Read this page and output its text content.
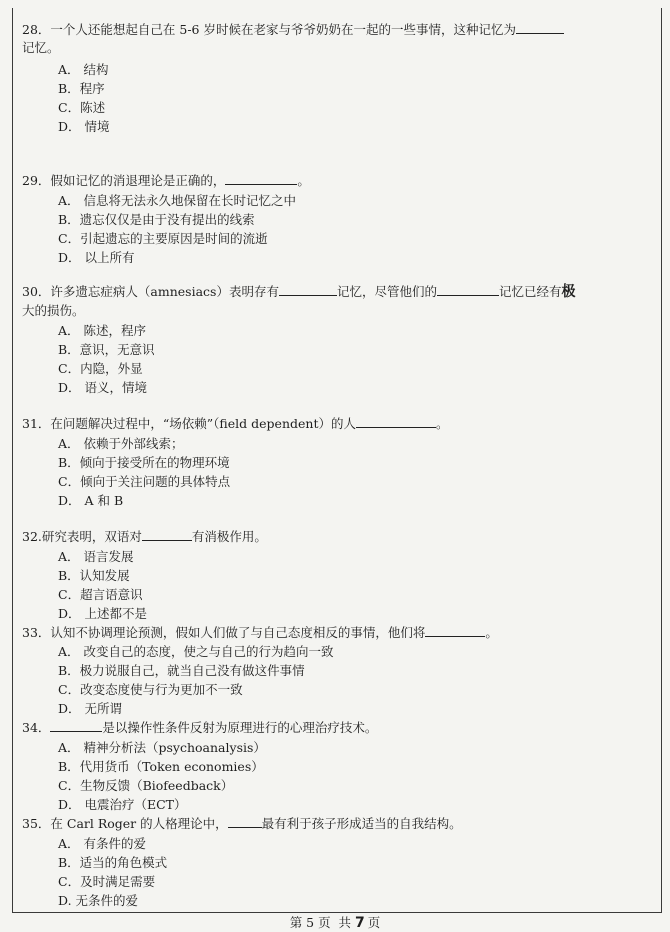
28．一个人还能想起自己在 5-6 岁时候在老家与爷爷奶奶在一起的一些事情，这种记忆为
记忆。
A． 结构
B．程序
C．陈述
D． 情境
29．假如记忆的消退理论是正确的，	。
A． 信息将无法永久地保留在长时记忆之中
B．遗忘仅仅是由于没有提出的线索
C．引起遗忘的主要原因是时间的流逝
D． 以上所有
30．许多遗忘症病人（amnesiacs）表明存有	记忆，尽管他们的	记忆已经有极
大的损伤。
A． 陈述，程序
B．意识，无意识
C．内隐，外显
D． 语义，情境
31．在问题解决过程中，“场依赖”（field dependent）的人	。
A． 依赖于外部线索；
B．倾向于接受所在的物理环境
C．倾向于关注问题的具体特点
D． A 和 B
32.研究表明，双语对	有消极作用。
A． 语言发展
B．认知发展
C．超言语意识
D． 上述都不是
33．认知不协调理论预测，假如人们做了与自己态度相反的事情，他们将	。
A． 改变自己的态度，使之与自己的行为趋向一致
B．极力说服自己，就当自己没有做这件事情
C．改变态度使与行为更加不一致
D． 无所谓
34．	是以操作性条件反射为原理进行的心理治疗技术。
A． 精神分析法（psychoanalysis）
B．代用货币（Token economies）
C．生物反馈（Biofeedback）
D． 电震治疗（ECT）
35．在 Carl Roger 的人格理论中，	最有利于孩子形成适当的自我结构。
A． 有条件的爱
B．适当的角色模式
C．及时满足需要
D. 无条件的爱
第 5 页 共 7 页
